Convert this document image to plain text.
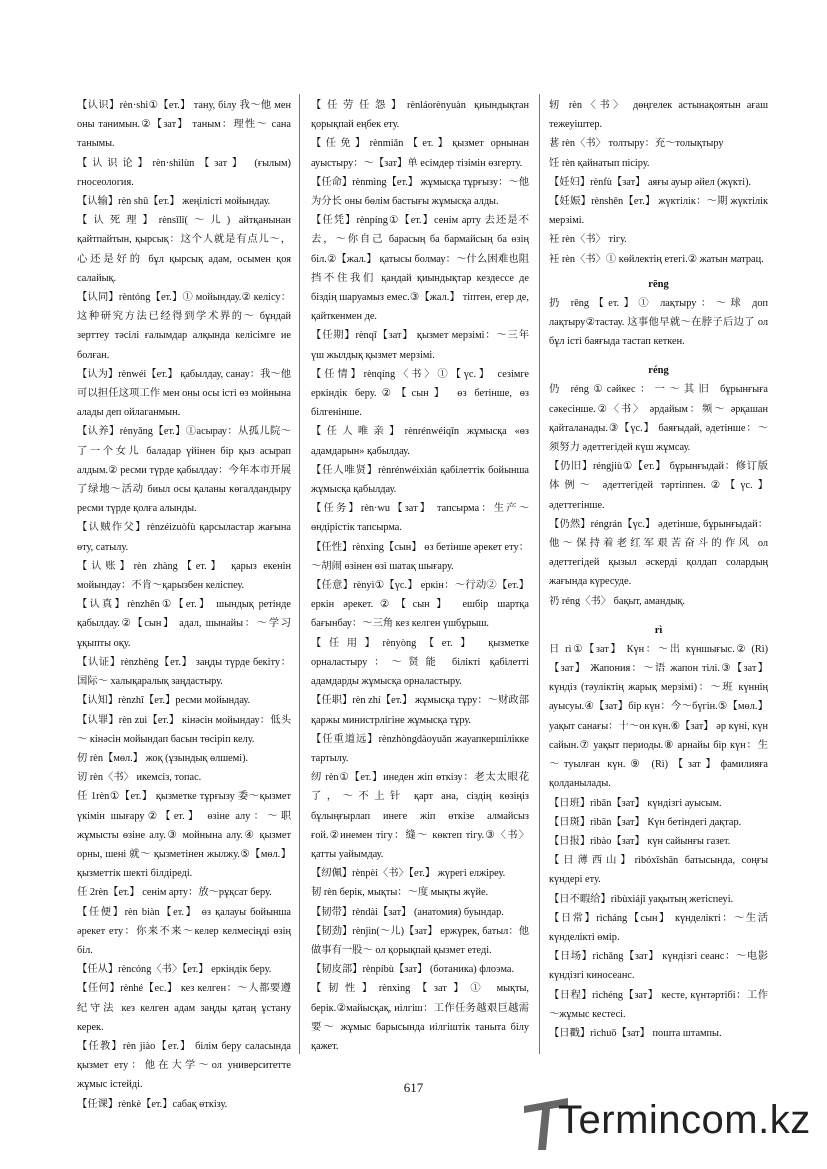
【认识】rèn·shi①【ет.】 тану, білу 我～他 мен оны танимын.②【зат】 таным：理性～ сана танымы.
【认识论】rèn·shìlùn【зат】 (ғылым) гносеология.
【认输】rèn shū【ет.】 жеңілісті мойындау.
【认死理】rènsǐlǐ(～儿) айтқанынан қайтпайтын, қырсық：这个人就是有点儿～，心还是好的 бұл қырсық адам, осымен қоя салайық.
【认同】rèntóng【ет.】① мойындау.② келісу：这种研究方法已经得到学术界的～ бұндай зерттеу тәсілі ғалымдар алқында келісімге ие болған.
【认为】rènwéi【ет.】 қабылдау, санау：我～他可以担任这项工作 мен оны осы істі өз мойнына алады деп ойлаганмын.
【认养】rènyǎng【ет.】①асырау：从孤儿院～了一个女儿 баладар үйінен бір қыз асырап алдым.② ресми түрде қабылдау：今年本市开展了绿地～活动 биыл осы қаланы көгалдандыру ресми түрде қолға алынды.
【认贼作父】rènzéizuòfù қарсыластар жағына өту, сатылу.
【认账】rèn zhàng【ет.】 қарыз екенін мойындау：不肯～қарызбен келіспеу.
【认真】rènzhēn①【ет.】 шындық ретінде қабылдау.②【сын】 адал, шынайы：～学习 ұқыпты оқу.
【认证】rènzhèng【ет.】 заңды түрде бекіту：国际～ халықаралық заңдастыру.
【认知】rènzhī【ет.】ресми мойындау.
【认罪】rèn zuì【ет.】 кінәсін мойындау：低头～ кінәсін мойындап басын төсіріп келу.
仞 rèn【мөл.】 жоқ (ұзындық өлшемі).
讱 rèn〈书〉 икемсіз, топас.
任 1rèn①【ет.】 қызметке тұрғызу 委～қызмет үкімін шығару②【ет.】 өзіне алу：～职 жұмысты өзіне алу.③ мойнына алу.④ қызмет орны, шені 就～ қызметінен жылжу.⑤【мөл.】 қызметтік шекті білдіреді.
任 2rèn【ет.】 сенім арту：放～рұқсат беру.
【任便】rèn biàn【ет.】 өз қалауы бойынша әрекет ету：你来不来～келер келмесіңді өзің біл.
【任从】rèncóng〈书〉【ет.】 еркіндік беру.
【任何】rènhé【ес.】 кез келген：～人都要遵纪守法 кез келген адам заңды қатаң ұстану керек.
【任教】rèn jiào【ет.】 білім беру саласында қызмет ету：他在大学～ол университетте жұмыс істейді.
【任课】rènkè【ет.】сабақ өткізу.
【任劳任怨】rènláorènyuàn қиындықтан қорықпай еңбек ету.
【任免】rènmiǎn【ет.】қызмет орнынан ауыстыру：～【зат】单 есімдер тізімін өзгерту.
【任命】rènmìng【ет.】 жұмысқа тұрғызу：～他为分长 оны бөлім бастығы жұмысқа алды.
【任凭】rènpíng①【ет.】сенім арту 去还是不去，～你自己 барасың ба бармайсың ба өзің біл.②【жал.】 қатысы болмау：～什么困难也阻挡不住我们 қандай қиындықтар кездессе де біздің шаруамыз емес.③【жал.】 тіптен, егер де, қайткенмен де.
【任期】rènqī【зат】 қызмет мерзімі：～三年 үш жылдық қызмет мерзімі.
【任情】rènqíng〈书〉①【үс.】 сезімге еркіндік беру.②【сын】 өз бетінше, өз білгенінше.
【任人唯亲】rènrénwéiqīn жұмысқа «өз адамдарын» қабылдау.
【任人唯贤】rènrénwéixián қабілеттік бойынша жұмысқа қабылдау.
【任务】rèn·wu【зат】 тапсырма：生产～ өндірістік тапсырма.
【任性】rènxìng【сын】 өз бетінше әрекет ету：～胡闹 өзінен өзі шатақ шығару.
【任意】rènyì①【үс.】 еркін：～行动②【ет.】 еркін әрекет.②【сын】 ешбір шартқа бағынбау：～三角 кез келген үшбұрыш.
【任用】rènyòng【ет.】 қызметке орналастыру：～贤能 білікті қабілетті адамдарды жұмысқа орналастыру.
【任职】rèn zhí【ет.】 жұмысқа тұру：～财政部 қаржы министрлігіне жұмысқа тұру.
【任重道远】rènzhòngdàoyuǎn жауапкершілікке тартылу.
纫 rèn①【ет.】инеден жіп өткізу：老太太眼花了，～不上针 қарт ана, сіздің көзіңіз бұлыңғырлап инеге жіп өткізе алмайсыз ғой.②инемен тігу：缝～ көктеп тігу.③〈书〉 қатты уайымдау.
【纫佩】rènpèi〈书〉【ет.】 жүрегі елжіреу.
韧 rèn берік, мықты：～度 мықты жүйе.
【韧带】rèndài【зат】 (анатомия) буындар.
【韧劲】rènjìn(～儿)【зат】 ержүрек, батыл：他做事有一股～ ол қорықпай қызмет етеді.
【韧皮部】rènpíbù【зат】 (ботаника) флоэма.
【韧性】rènxìng【зат】① мықты, берік.②майысқақ, иілгіш：工作任务越艰巨越需要～ жұмыс барысында иілгіштік таныта білу қажет.
轫 rèn〈书〉 дөңгелек астынақоятын ағаш тежеуіштер.
葚 rèn〈书〉 толтыру：充～толықтыру
饪 rèn қайнатып пісіру.
【妊妇】rènfù【зат】 аяғы ауыр әйел (жүкті).
【妊娠】rènshēn【ет.】 жүктілік：～期 жүктілік мерзімі.
衽 rèn〈书〉 тігу.
衽 rèn〈书〉① көйлектің етегі.② жатын матрац.
rēng
扔 rēng【ет.】① лақтыру：～球 доп лақтыру②тастау. 这事他早就～在脖子后边了 ол бұл істі баяғыда тастап кеткен.
réng
仍 réng①сәйкес：一～其旧 бұрынғыға сәкесінше.②〈书〉 әрдайым：频～ әрқашан қайталанады.③【үс.】 баяғыдай, әдетінше：～须努力 әдеттегідей күш жұмсау.
【仍旧】réngjiù①【ет.】 бұрынғыдай：修订版体例～ әдеттегідей тәртіппен.②【үс.】 әдеттегінше.
【仍然】réngrán【үс.】 әдетінше, бұрынғыдай：他～保持着老红军艰苦奋斗的作风 ол әдеттегідей қызыл әскерді қолдап солардың жағында күресуде.
礽 réng〈书〉 бақыт, амандық.
rì
日 rì①【зат】 Күн：～出 күншығыс.② (Rì)【зат】 Жапония：～语 жапон тілі.③【зат】 күндіз (тәуліктің жарық мерзімі)：～班 күннің ауысуы.④【зат】бір күн：今～бүгін.⑤【мөл.】 уақыт санағы：十～он күн.⑥【зат】 әр күні, күн сайын.⑦ уақыт периоды.⑧ арнайы бір күн：生～туылған күн.⑨ (Rì)【зат】фамилияға қолданылады.
【日班】rìbān【зат】 күндізгі ауысым.
【日斑】rìbān【зат】 Күн бетіндегі дақтар.
【日报】rìbào【зат】 күн сайынғы газет.
【日薄西山】rìbóxīshān батысында, соңғы күндері ету.
【日不暇给】rìbùxiájǐ уақытың жетіспеуі.
【日常】rìcháng【сын】 күнделікті：～生活 күнделікті өмір.
【日场】rìchǎng【зат】 күндізгі сеанс：～电影 күндізгі киносеанс.
【日程】rìchéng【зат】 кесте, күнтәртібі：工作～жұмыс кестесі.
【日戳】rìchuō【зат】 пошта штампы.
617
Termincom.kz
